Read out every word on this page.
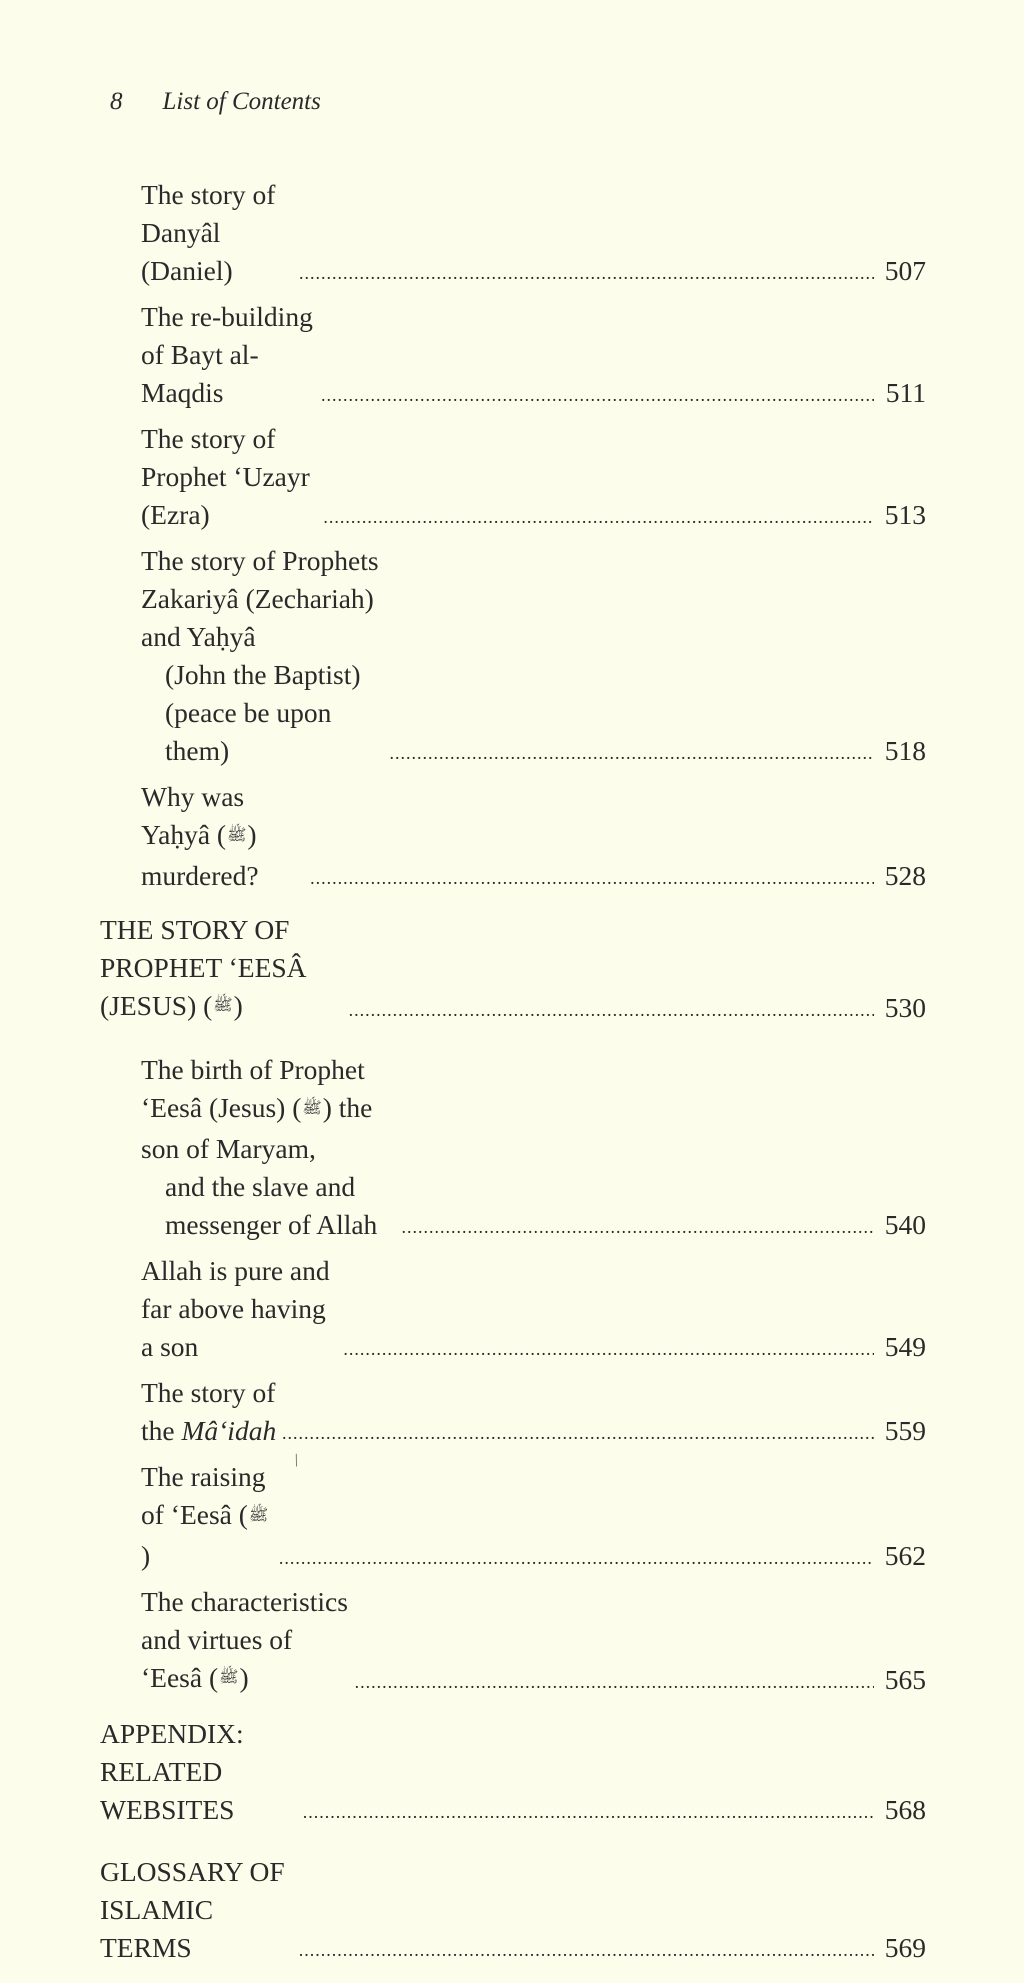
8 List of Contents
The story of Danyâl (Daniel) .....	507
The re-building of Bayt al-Maqdis .....	511
The story of Prophet ‘Uzayr (Ezra) .....	513
The story of Prophets Zakariyâ (Zechariah) and Yaḥyâ
(John the Baptist) (peace be upon them) .....	518
Why was Yaḥyâ (ﷺ) murdered? .....	528
THE STORY OF PROPHET ‘EESÂ (JESUS) (ﷺ) .....	530
The birth of Prophet ‘Eesâ (Jesus) (ﷺ) the son of Maryam,
and the slave and messenger of Allah .....	540
Allah is pure and far above having a son .....	549
The story of the Mâ‘idah .....	559
The raising of ‘Eesâ (ﷺ) .....	562
The characteristics and virtues of ‘Eesâ (ﷺ) .....	565
APPENDIX: RELATED WEBSITES .....	568
GLOSSARY OF ISLAMIC TERMS .....	569
/
